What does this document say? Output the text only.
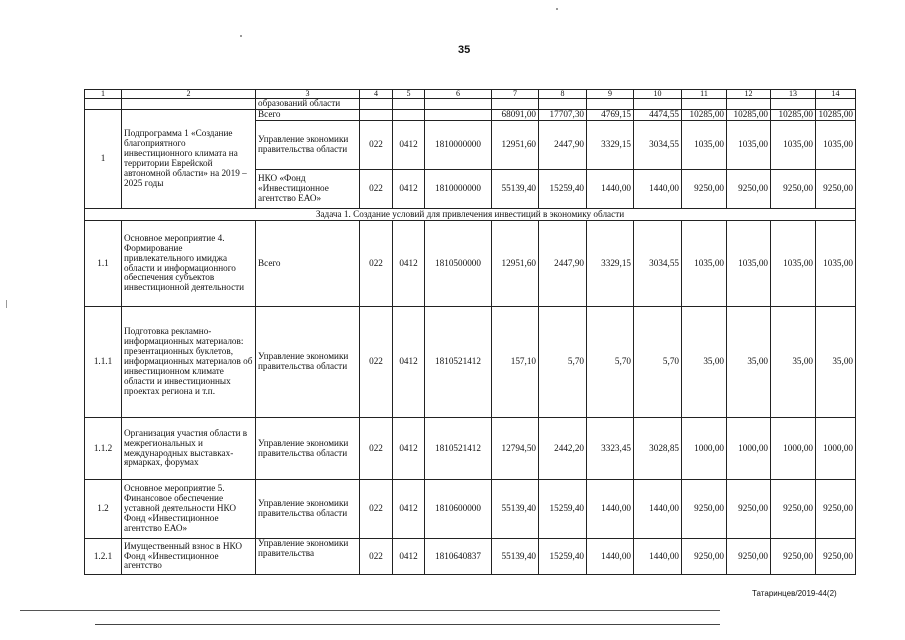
35
1	2	3	4	5	6	7	8	9	10	11	12	13	14
		образований области											
1	Подпрограмма 1 «Создание благоприятного инвестиционного климата на территории Еврейской автономной области» на 2019 – 2025 годы	Всего				68091,00	17707,30	4769,15	4474,55	10285,00	10285,00	10285,00	10285,00
		Управление экономики правительства области	022	0412	1810000000	12951,60	2447,90	3329,15	3034,55	1035,00	1035,00	1035,00	1035,00
		НКО «Фонд «Инвестиционное агентство ЕАО»	022	0412	1810000000	55139,40	15259,40	1440,00	1440,00	9250,00	9250,00	9250,00	9250,00
Задача 1. Создание условий для привлечения инвестиций в экономику области													
1.1	Основное мероприятие 4. Формирование привлекательного имиджа области и информационного обеспечения субъектов инвестиционной деятельности	Всего	022	0412	1810500000	12951,60	2447,90	3329,15	3034,55	1035,00	1035,00	1035,00	1035,00
1.1.1	Подготовка рекламно-информационных материалов: презентационных буклетов, информационных материалов об инвестиционном климате области и инвестиционных проектах региона и т.п.	Управление экономики правительства области	022	0412	1810521412	157,10	5,70	5,70	5,70	35,00	35,00	35,00	35,00
1.1.2	Организация участия области в межрегиональных и международных выставках-ярмарках, форумах	Управление экономики правительства области	022	0412	1810521412	12794,50	2442,20	3323,45	3028,85	1000,00	1000,00	1000,00	1000,00
1.2	Основное мероприятие 5. Финансовое обеспечение уставной деятельности НКО Фонд «Инвестиционное агентство ЕАО»	Управление экономики правительства области	022	0412	1810600000	55139,40	15259,40	1440,00	1440,00	9250,00	9250,00	9250,00	9250,00
1.2.1	Имущественный взнос в НКО Фонд «Инвестиционное агентство	Управление экономики правительства	022	0412	1810640837	55139,40	15259,40	1440,00	1440,00	9250,00	9250,00	9250,00	9250,00
Татаринцев/2019-44(2)
